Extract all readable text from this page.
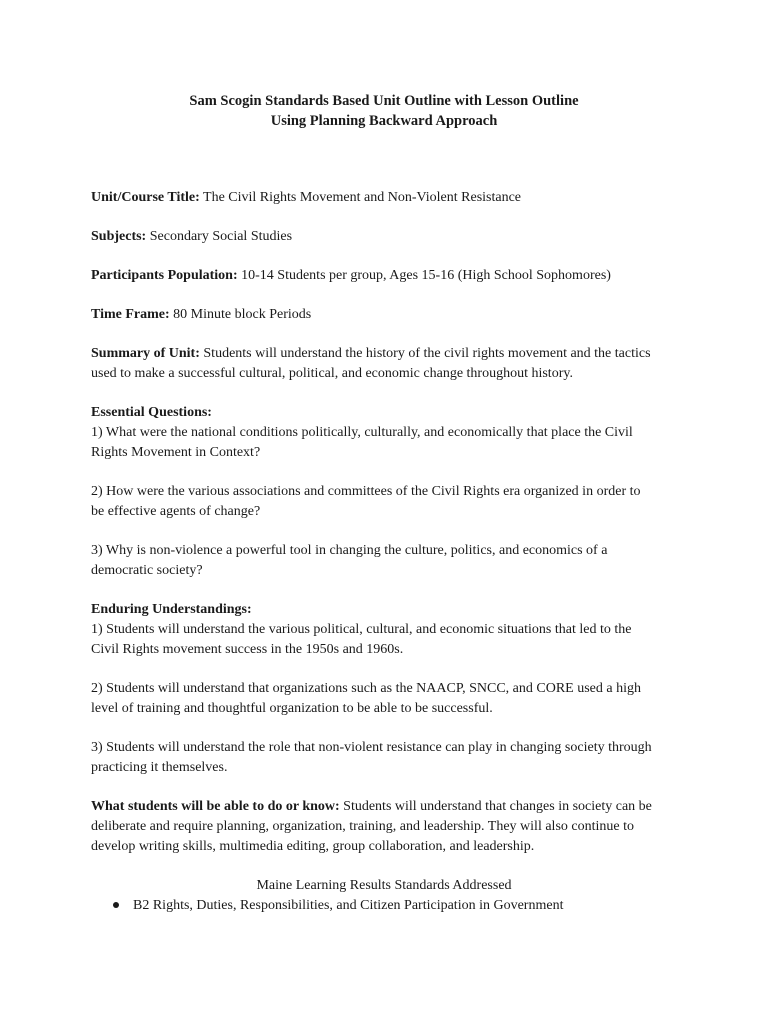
Sam Scogin Standards Based Unit Outline with Lesson Outline
Using Planning Backward Approach
Unit/Course Title: The Civil Rights Movement and Non-Violent Resistance
Subjects: Secondary Social Studies
Participants Population: 10-14 Students per group, Ages 15-16 (High School Sophomores)
Time Frame: 80 Minute block Periods
Summary of Unit: Students will understand the history of the civil rights movement and the tactics
used to make a successful cultural, political, and economic change throughout history.
Essential Questions:
1) What were the national conditions politically, culturally, and economically that place the Civil
Rights Movement in Context?
2) How were the various associations and committees of the Civil Rights era organized in order to
be effective agents of change?
3) Why is non-violence a powerful tool in changing the culture, politics, and economics of a
democratic society?
Enduring Understandings:
1) Students will understand the various political, cultural, and economic situations that led to the
Civil Rights movement success in the 1950s and 1960s.
2) Students will understand that organizations such as the NAACP, SNCC, and CORE used a high
level of training and thoughtful organization to be able to be successful.
3) Students will understand the role that non-violent resistance can play in changing society through
practicing it themselves.
What students will be able to do or know: Students will understand that changes in society can be
deliberate and require planning, organization, training, and leadership. They will also continue to
develop writing skills, multimedia editing, group collaboration, and leadership.
Maine Learning Results Standards Addressed
B2 Rights, Duties, Responsibilities, and Citizen Participation in Government
